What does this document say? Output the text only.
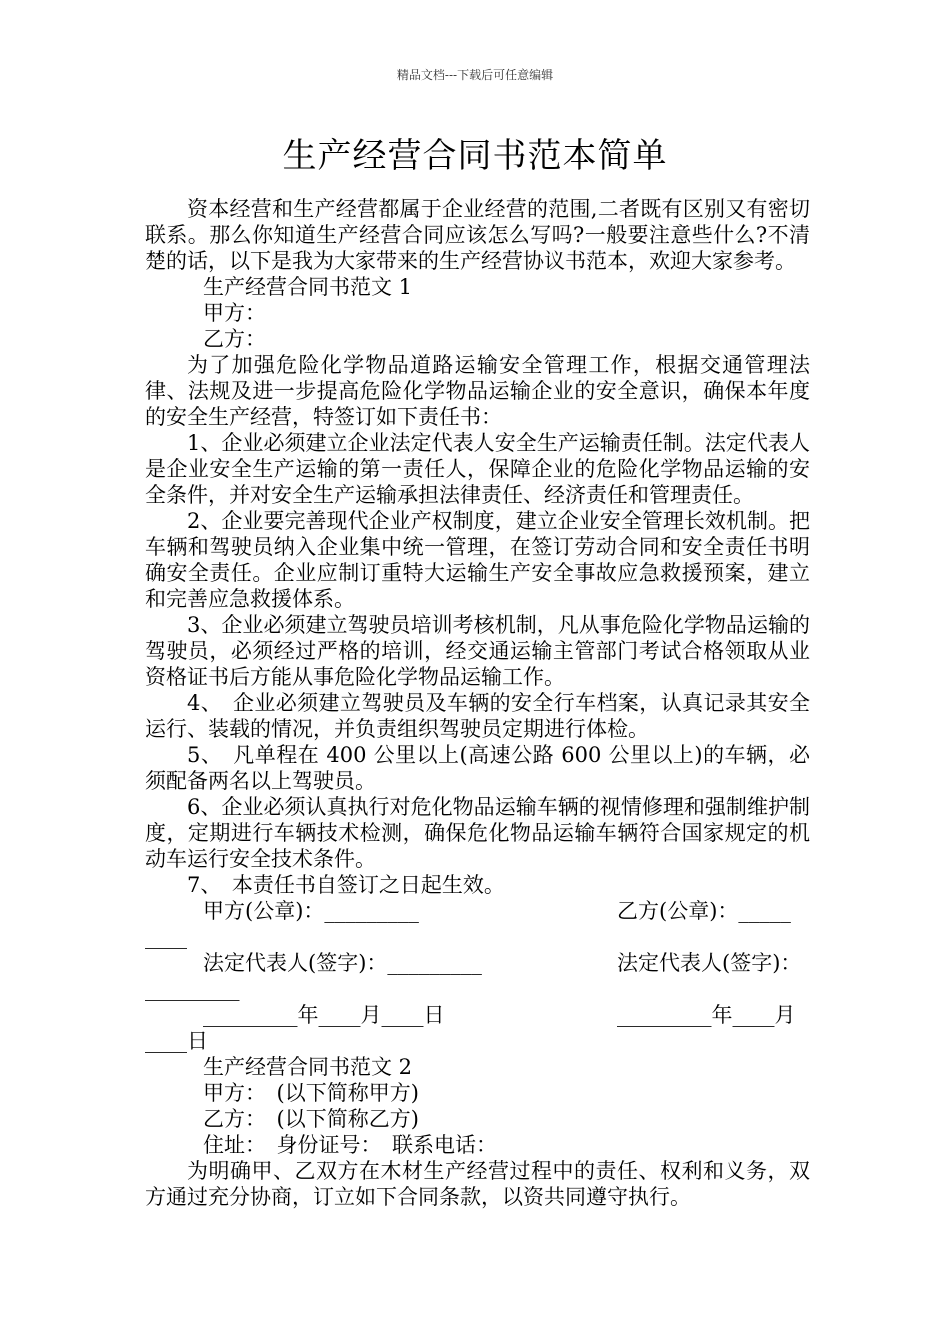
精品文档---下载后可任意编辑
生产经营合同书范本简单

资本经营和生产经营都属于企业经营的范围,二者既有区别又有密切联系。那么你知道生产经营合同应该怎么写吗?一般要注意些什么?不清楚的话，以下是我为大家带来的生产经营协议书范本，欢迎大家参考。

生产经营合同书范文 1

甲方：

乙方：

为了加强危险化学物品道路运输安全管理工作，根据交通管理法律、法规及进一步提高危险化学物品运输企业的安全意识，确保本年度的安全生产经营，特签订如下责任书：

1、企业必须建立企业法定代表人安全生产运输责任制。法定代表人是企业安全生产运输的第一责任人，保障企业的危险化学物品运输的安全条件，并对安全生产运输承担法律责任、经济责任和管理责任。

2、企业要完善现代企业产权制度，建立企业安全管理长效机制。把车辆和驾驶员纳入企业集中统一管理，在签订劳动合同和安全责任书明确安全责任。企业应制订重特大运输生产安全事故应急救援预案，建立和完善应急救援体系。

3、企业必须建立驾驶员培训考核机制，凡从事危险化学物品运输的驾驶员，必须经过严格的培训，经交通运输主管部门考试合格领取从业资格证书后方能从事危险化学物品运输工作。

4、　企业必须建立驾驶员及车辆的安全行车档案，认真记录其安全运行、装载的情况，并负责组织驾驶员定期进行体检。

5、　凡单程在 400 公里以上(高速公路 600 公里以上)的车辆，必须配备两名以上驾驶员。

6、企业必须认真执行对危化物品运输车辆的视情修理和强制维护制度，定期进行车辆技术检测，确保危化物品运输车辆符合国家规定的机动车运行安全技术条件。

7、　本责任书自签订之日起生效。

甲方(公章)：_________	乙方(公章)：_____
____
法定代表人(签字)：_________	法定代表人(签字)：
_________
_________年____月____日	_________年____月
____日

生产经营合同书范文 2

甲方：　(以下简称甲方)

乙方：　(以下简称乙方)

住址：　身份证号：　联系电话：

为明确甲、乙双方在木材生产经营过程中的责任、权利和义务，双方通过充分协商，订立如下合同条款，以资共同遵守执行。
